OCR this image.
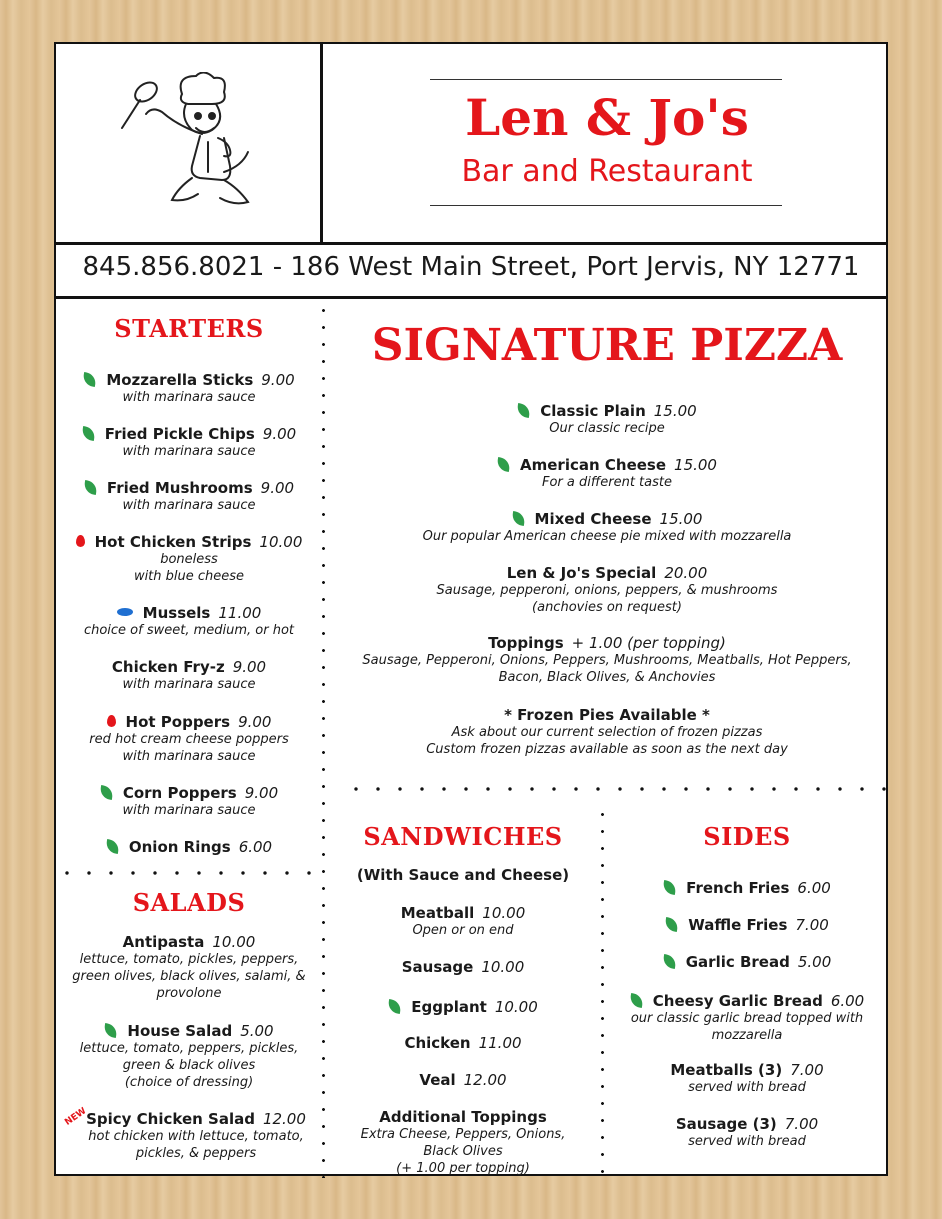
Len & Jo's
Bar and Restaurant
845.856.8021 - 186 West Main Street, Port Jervis, NY 12771
STARTERS
Mozzarella Sticks 9.00
with marinara sauce
Fried Pickle Chips 9.00
with marinara sauce
Fried Mushrooms 9.00
with marinara sauce
Hot Chicken Strips 10.00
boneless
with blue cheese
Mussels 11.00
choice of sweet, medium, or hot
Chicken Fry-z 9.00
with marinara sauce
Hot Poppers 9.00
red hot cream cheese poppers
with marinara sauce
Corn Poppers 9.00
with marinara sauce
Onion Rings 6.00
SALADS
Antipasta 10.00
lettuce, tomato, pickles, peppers,
green olives, black olives, salami, &
provolone
House Salad 5.00
lettuce, tomato, peppers, pickles,
green & black olives
(choice of dressing)
NEW
Spicy Chicken Salad 12.00
hot chicken with lettuce, tomato,
pickles, & peppers
SIGNATURE PIZZA
Classic Plain 15.00
Our classic recipe
American Cheese 15.00
For a different taste
Mixed Cheese 15.00
Our popular American cheese pie mixed with mozzarella
Len & Jo's Special 20.00
Sausage, pepperoni, onions, peppers, & mushrooms
(anchovies on request)
Toppings + 1.00 (per topping)
Sausage, Pepperoni, Onions, Peppers, Mushrooms, Meatballs, Hot Peppers,
Bacon, Black Olives, & Anchovies
* Frozen Pies Available *
Ask about our current selection of frozen pizzas
Custom frozen pizzas available as soon as the next day
SANDWICHES
(With Sauce and Cheese)
Meatball 10.00
Open or on end
Sausage 10.00
Eggplant 10.00
Chicken 11.00
Veal 12.00
Additional Toppings
Extra Cheese, Peppers, Onions,
Black Olives
(+ 1.00 per topping)
SIDES
French Fries 6.00
Waffle Fries 7.00
Garlic Bread 5.00
Cheesy Garlic Bread 6.00
our classic garlic bread topped with
mozzarella
Meatballs (3) 7.00
served with bread
Sausage (3) 7.00
served with bread
